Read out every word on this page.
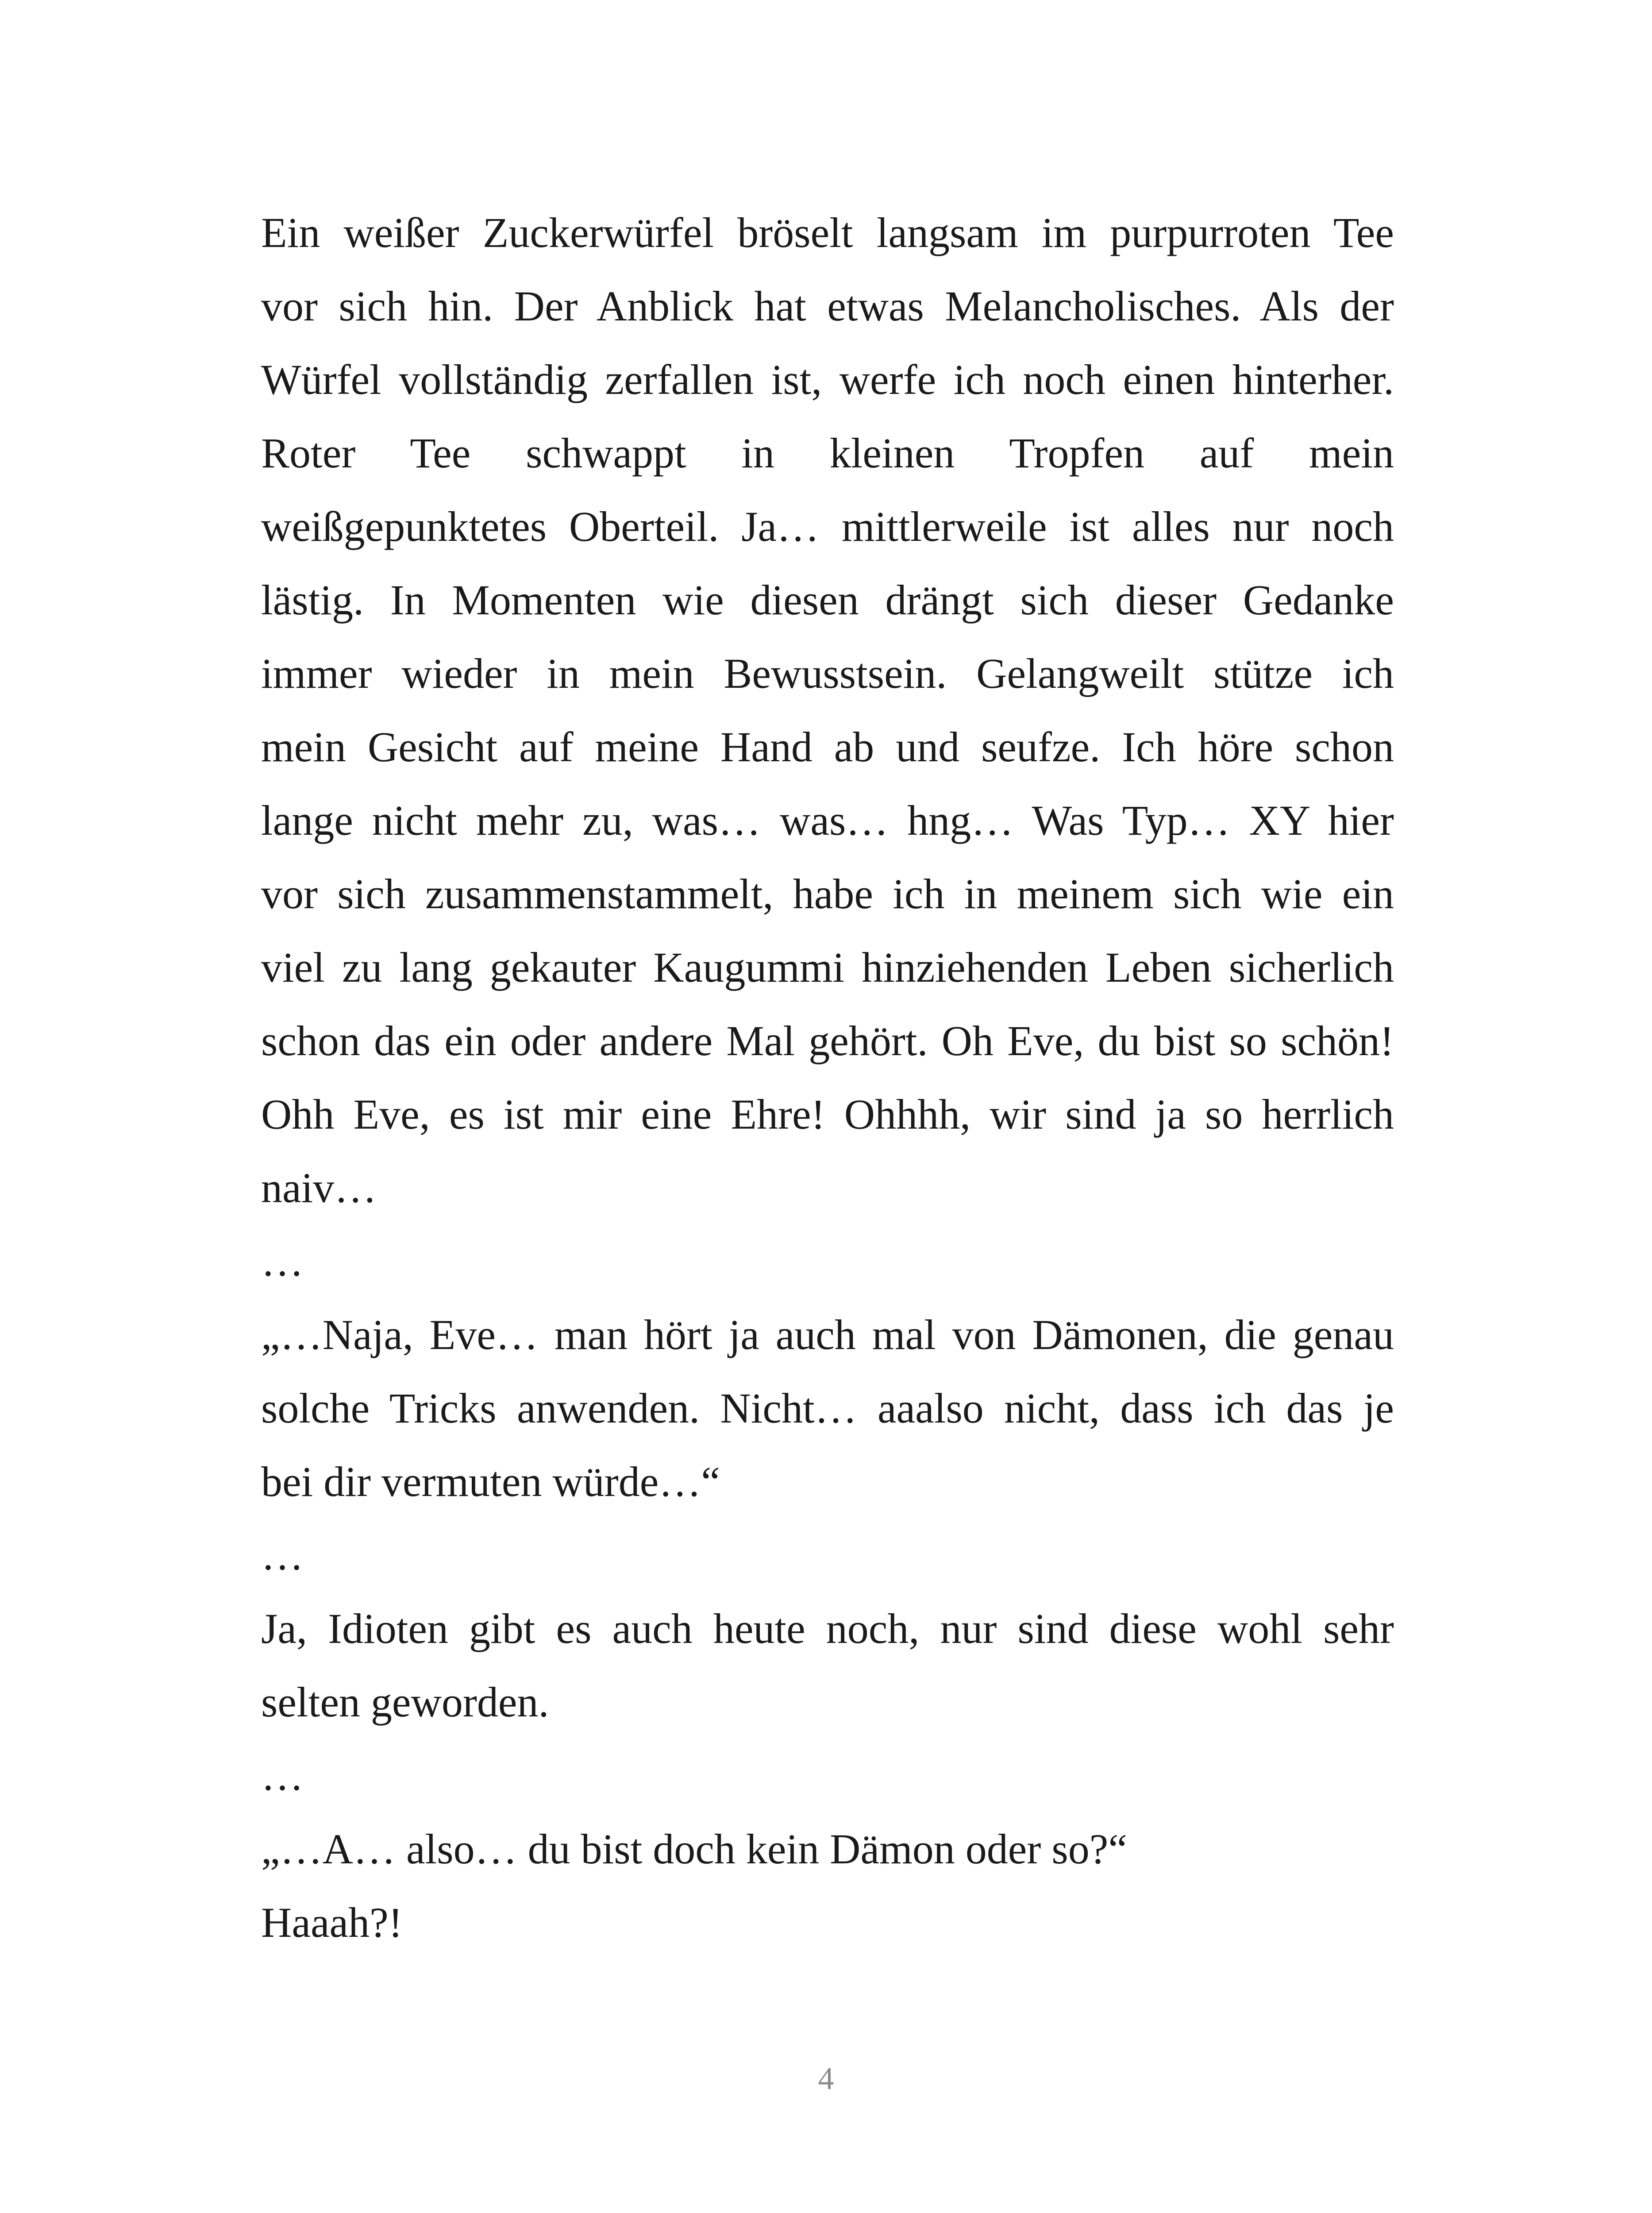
Ein weißer Zuckerwürfel bröselt langsam im purpurroten Tee
vor sich hin. Der Anblick hat etwas Melancholisches. Als der
Würfel vollständig zerfallen ist, werfe ich noch einen hinterher.
Roter Tee schwappt in kleinen Tropfen auf mein
weißgepunktetes Oberteil. Ja… mittlerweile ist alles nur noch
lästig. In Momenten wie diesen drängt sich dieser Gedanke
immer wieder in mein Bewusstsein. Gelangweilt stütze ich
mein Gesicht auf meine Hand ab und seufze. Ich höre schon
lange nicht mehr zu, was… was… hng… Was Typ… XY hier
vor sich zusammenstammelt, habe ich in meinem sich wie ein
viel zu lang gekauter Kaugummi hinziehenden Leben sicherlich
schon das ein oder andere Mal gehört. Oh Eve, du bist so schön!
Ohh Eve, es ist mir eine Ehre! Ohhhh, wir sind ja so herrlich
naiv…
…
„…Naja, Eve… man hört ja auch mal von Dämonen, die genau
solche Tricks anwenden. Nicht… aaalso nicht, dass ich das je
bei dir vermuten würde…“
…
Ja, Idioten gibt es auch heute noch, nur sind diese wohl sehr
selten geworden.
…
„…A… also… du bist doch kein Dämon oder so?“
Haaah?!
4
